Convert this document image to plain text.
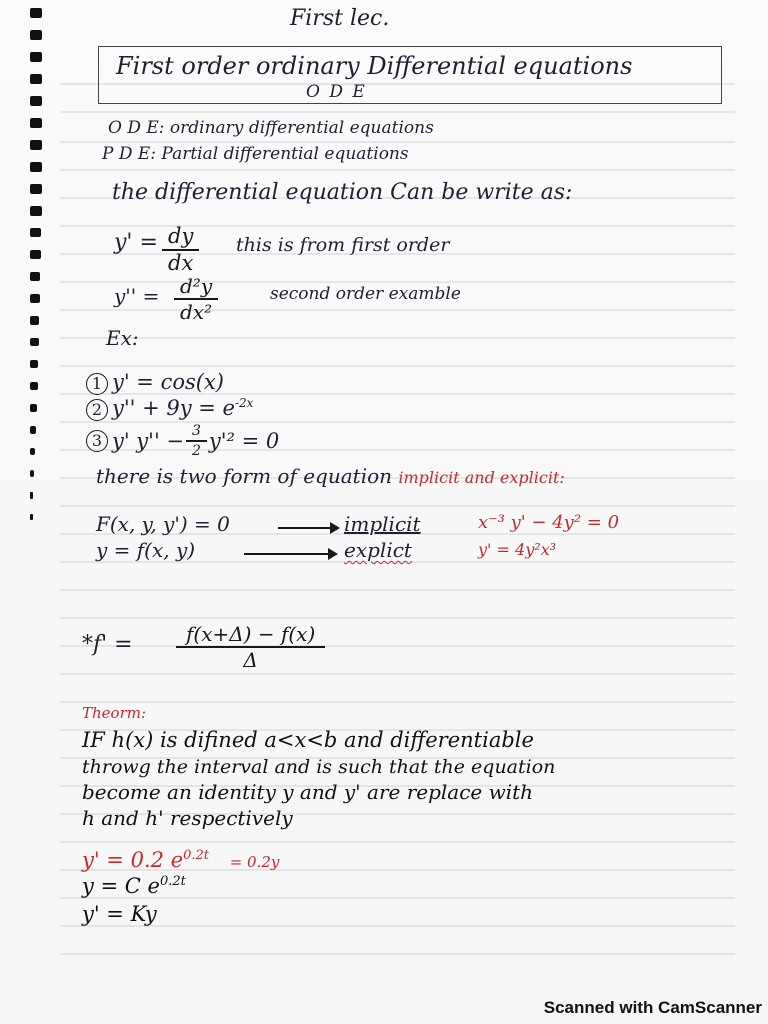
First lec.
First order ordinary Differential equations
O D E
O D E: ordinary differential equations
P D E: Partial differential equations
the differential equation Can be write as:
y' = dy
dx
this is from first order
y'' =	d²y
dx²
second order examble
Ex:
1 y' = cos(x)
2 $y'' + 9y = e^{-2x}$
3 y' $y'' - \frac{3}{2} y'^2 = 0$
there is two form of equation implicit and explicit:
F(x, y, y') = 0	implicit	x⁻³ y' − 4y² = 0
y = f(x, y)	explict	y' = 4y²x³
*f' =	f(x+Δ) − f(x)
Δ
Theorm:
IF h(x) is difined a<x<b and differentiable
throwg the interval and is such that the equation
become an identity y and y' are replace with
h and h' respectively
y' = 0.2 $e^{0.2t} = 0.2y$
y = C $e^{0.2t}$
y' = Ky
Scanned with CamScanner
